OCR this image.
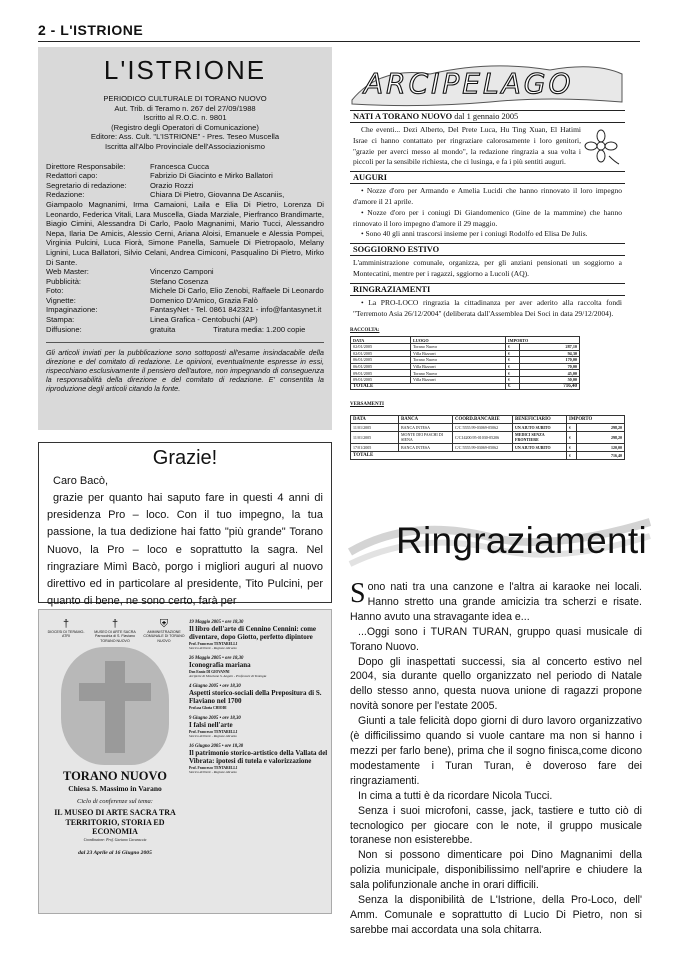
2 - L'ISTRIONE
L'ISTRIONE
PERIODICO CULTURALE DI TORANO NUOVO
Aut. Trib. di Teramo n. 267 del 27/09/1988
Iscritto al R.O.C. n. 9801
(Registro degli Operatori di Comunicazione)
Editore: Ass. Cult. "L'ISTRIONE" - Pres. Teseo Muscella
Iscritta all'Albo Provinciale dell'Associazionismo
Direttore Responsabile:	Francesca Cucca
Redattori capo:	Fabrizio Di Giacinto e Mirko Ballatori
Segretario di redazione:	Orazio Rozzi
Redazione:	Chiara Di Pietro, Giovanna De Ascaniis,
Giampaolo Magnanimi, Irma Camaioni, Laila e Elia Di Pietro, Lorenza Di Leonardo, Federica Vitali, Lara Muscella, Giada Marziale, Pierfranco Brandimarte, Biagio Cimini, Alessandra Di Carlo, Paolo Magnanimi, Mario Tucci, Alessandro Nepa, Ilaria De Amicis, Alessio Cerni, Ariana Aloisi, Emanuele e Alessia Pompei, Virginia Pulcini, Luca Fiorà, Simone Panella, Samuele Di Pietropaolo, Melany Lignini, Luca Ballatori, Silvio Celani, Andrea Cimiconi, Pasqualino Di Pietro, Mirko Di Sante.
Web Master:	Vincenzo Camponi
Pubblicità:	Stefano Cosenza
Foto:	Michele Di Carlo, Elio Zenobi, Raffaele Di Leonardo
Vignette:	Domenico D'Amico, Grazia Falò
Impaginazione:	FantasyNet - Tel. 0861 842321 - info@fantasynet.it
Stampa:	Linea Grafica - Centobuchi (AP)
Diffusione:	gratuita                  Tiratura media: 1.200 copie
Gli articoli inviati per la pubblicazione sono sottoposti all'esame insindacabile della direzione e del comitato di redazione. Le opinioni, eventualmente espresse in essi, rispecchiano esclusivamente il pensiero dell'autore, non impegnando di conseguenza la responsabilità della direzione e del comitato di redazione. E' consentita la riproduzione degli articoli citando la fonte.
Grazie!
Caro Bacò,
grazie per quanto hai saputo fare in questi 4 anni di presidenza Pro – loco. Con il tuo impegno, la tua passione, la tua dedizione hai fatto "più grande" Torano Nuovo, la Pro – loco e soprattutto la sagra. Nel ringraziare Mimì Bacò, porgo i migliori auguri al nuovo direttivo ed in particolare al presidente, Tito Pulcini, per quanto di bene, ne sono certo, farà per
†
DIOCESI DI TERAMO-ATRI
†
MUSEO DI ARTE SACRA Parrocchia di S. Flaviano TORANO NUOVO
⛨
AMMINISTRAZIONE COMUNALE DI TORANO NUOVO
TORANO NUOVO
Chiesa S. Massimo in Varano
Ciclo di conferenze sul tema:
IL MUSEO DI ARTE SACRA TRA TERRITORIO, STORIA ED ECONOMIA
Coordinatore: Prof. Gaetano Cavaraccia
dal 23 Aprile al 16 Giugno 2005
19 Maggio 2005 • ore 18,30
Il libro dell'arte di Cennino Cennini: come diventare, dopo Giotto, perfetto dipintore
Prof. Francesco TENTARELLI
Storico dell'arte - Regione Abruzzo
26 Maggio 2005 • ore 18,30
Iconografia mariana
Don Ennio DI GIOVANNI
Arciprete di Mosciano S. Angelo - Professore di Teologia
4 Giugno 2005 • ore 18,30
Aspetti storico-sociali della Prepositura di S. Flaviano nel 1700
Prof.ssa Gloria CHIODI
9 Giugno 2005 • ore 18,30
I falsi nell'arte
Prof. Francesco TENTARELLI
Storico dell'arte - Regione Abruzzo
16 Giugno 2005 • ore 18,30
Il patrimonio storico-artistico della Vallata del Vibrata: ipotesi di tutela e valorizzazione
Prof. Francesco TENTARELLI
Storico dell'arte - Regione Abruzzo
ARCIPELAGO
NATI A TORANO NUOVO dal 1 gennaio 2005

Che eventi... Dezi Alberto, Del Prete Luca, Hu Ting Xuan, El Hatimi Israe ci hanno contattato per ringraziare calorosamente i loro genitori, "grazie per averci messo al mondo", la redazione ringrazia a sua volta i piccoli per la sensibile richiesta, che ci lusinga, e fa i più sentiti auguri.

AUGURI

• Nozze d'oro per Armando e Amelia Lucidi che hanno rinnovato il loro impegno d'amore il 21 aprile.

• Nozze d'oro per i coniugi Di Giandomenico (Gine de la mammine) che hanno rinnovato il loro impegno d'amore il 29 maggio.

• Sono 40 gli anni trascorsi insieme per i coniugi Rodolfo ed Elisa De Julis.

SOGGIORNO ESTIVO
L'amministrazione comunale, organizza, per gli anziani pensionati un soggiorno a Montecatini, mentre per i ragazzi, sggiorno a Lucoli (AQ).
RINGRAZIAMENTI

• La PRO-LOCO ringrazia la cittadinanza per aver aderito alla raccolta fondi "Terremoto Asia 26/12/2004" (deliberata dall'Assemblea Dei Soci in data 29/12/2004).

RACCOLTA:
DATA	LUOGO	IMPORTO	
02/01/2005	Torano Nuovo	€	287,10
02/01/2005	Villa Bizzarri	€	94,30
06/01/2005	Torano Nuovo	€	170,00
06/01/2005	Villa Bizzarri	€	70,00
09/01/2005	Torano Nuovo	€	45,00
09/01/2005	Villa Bizzarri	€	50,00
TOTALE		€	716,40
VERSAMENTI
DATA	BANCA	COORD.BANCARIE	BENEFICIARIO	IMPORTO	
11/01/2005	BANCA INTESA	C/C 5555.99-03069-05062	UN AIUTO SUBITO	€	298,20
11/01/2005	MONTE DEI PASCHI DI SIENA	C/C14200.95-01030-05206	MEDICI SENZA FRONTIERE	€	298,20
17/01/2005	BANCA INTESA	C/C 5555.99-03069-05062	UN AIUTO SUBITO	€	120,00
TOTALE				€	716,40
Ringraziamenti

Sono nati tra una canzone e l'altra ai karaoke nei locali. Hanno stretto una grande amicizia tra scherzi e risate. Hanno avuto una stravagante idea e...

...Oggi sono i TURAN TURAN, gruppo quasi musicale di Torano Nuovo.

Dopo gli inaspettati successi, sia al concerto estivo nel 2004, sia durante quello organizzato nel periodo di Natale dello stesso anno, questa nuova unione di ragazzi propone novità sonore per l'estate 2005.

Giunti a tale felicità dopo giorni di duro lavoro organizzativo (è difficilissimo quando si vuole cantare ma non si hanno i mezzi per farlo bene), prima che il sogno finisca,come dicono modestamente i Turan Turan, è doveroso fare dei ringraziamenti.

In cima a tutti è da ricordare Nicola Tucci.

Senza i suoi microfoni, casse, jack, tastiere e tutto ciò di tecnologico per giocare con le note, il gruppo musicale toranese non esisterebbe.

Non si possono dimenticare poi Dino Magnanimi della polizia municipale, disponibilissimo nell'aprire e chiudere la sala polifunzionale anche in orari difficili.

Senza la disponibilità de L'Istrione, della Pro-Loco, dell' Amm. Comunale e soprattutto di Lucio Di Pietro, non si sarebbe mai accordata una sola chitarra.
